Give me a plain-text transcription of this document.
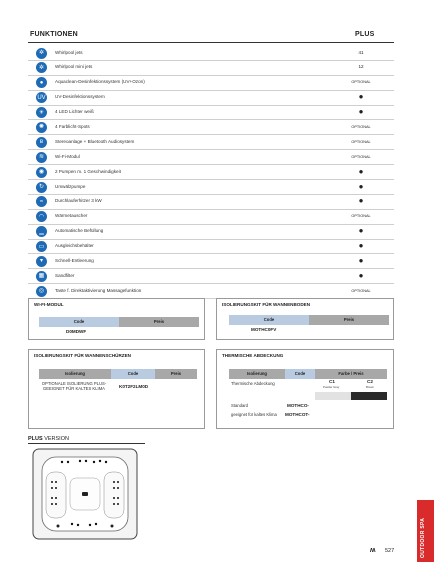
FUNKTIONEN	PLUS
✲ Whirlpool jets	41
✲ Whirlpool mini jets	12
●	Aquaclean-Desinfektionssystem (UV+Ozon)	OPTIONAL
UV UV-Desinfektionssystem	●
☀ 4 LED Lichter weiß	●
✺ 4 Farblicht-Spots	OPTIONAL
ʙ	Stereoanlage + Bluetooth Audiosystem	OPTIONAL
≋ Wi-Fi-Modul	OPTIONAL
◉ 2 Pumpen m. 1 Geschwindigkeit	●
↻ Umwälzpumpe	●
≈	Durchlauferhitzer 3 kW	●
◠ Wärmetauscher	OPTIONAL
▁ Automatische Befüllung	●
▭ Ausgleichsbehälter	●
▾	Schnell-Entleerung	●
▦ Sandfilter	●
◎ Taste f. Direktaktivierung Massagefunktion	OPTIONAL
WI-FI-MODUL
Code	Preis
D0MDWF
ISOLIERUNGSKIT FÜR WANNENBODEN
Code	Preis
MOTHC0FV
ISOLIERUNGSKIT FÜR WANNENSCHÜRZEN
Isolierung	Code	Preis
OPTIONALE ISOLIERUNG PLUS-GEEIGNET FÜR KALTES KLIMA	K0T2F2LM0D
THERMISCHE ABDECKUNG
Isolierung	Code	Farbe / Preis
Thermische Abdeckung	C1
Powder Gray
C2
Brown
Standard	MOTHCO-
geeignet für kaltes Klima MOTHCOT-
PLUS VERSION
OUTDOOR SPA
ʍ 527
